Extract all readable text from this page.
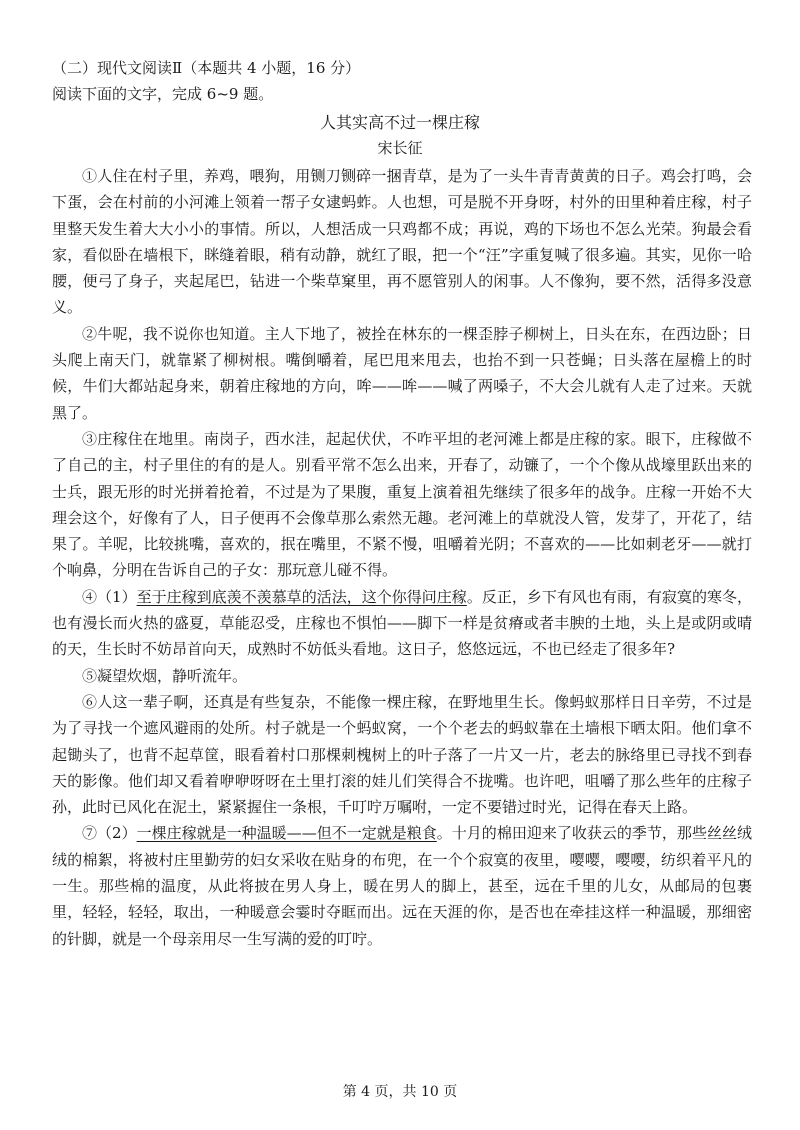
（二）现代文阅读Ⅱ（本题共 4 小题，16 分）
阅读下面的文字，完成 6~9 题。
人其实高不过一棵庄稼
宋长征

①人住在村子里，养鸡，喂狗，用铡刀铡碎一捆青草，是为了一头牛青青黄黄的日子。鸡会打鸣，会下蛋，会在村前的小河滩上领着一帮子女逮蚂蚱。人也想，可是脱不开身呀，村外的田里种着庄稼，村子里整天发生着大大小小的事情。所以，人想活成一只鸡都不成；再说，鸡的下场也不怎么光荣。狗最会看家，看似卧在墙根下，眯缝着眼，稍有动静，就红了眼，把一个“汪”字重复喊了很多遍。其实，见你一哈腰，便弓了身子，夹起尾巴，钻进一个柴草窠里，再不愿管别人的闲事。人不像狗，要不然，活得多没意义。

②牛呢，我不说你也知道。主人下地了，被拴在林东的一棵歪脖子柳树上，日头在东，在西边卧；日头爬上南天门，就靠紧了柳树根。嘴倒嚼着，尾巴甩来甩去，也抬不到一只苍蝇；日头落在屋檐上的时候，牛们大都站起身来，朝着庄稼地的方向，哞——哞——喊了两嗓子，不大会儿就有人走了过来。天就黑了。

③庄稼住在地里。南岗子，西水洼，起起伏伏，不咋平坦的老河滩上都是庄稼的家。眼下，庄稼做不了自己的主，村子里住的有的是人。别看平常不怎么出来，开春了，动镰了，一个个像从战壕里跃出来的士兵，跟无形的时光拼着抢着，不过是为了果腹，重复上演着祖先继续了很多年的战争。庄稼一开始不大理会这个，好像有了人，日子便再不会像草那么索然无趣。老河滩上的草就没人管，发芽了，开花了，结果了。羊呢，比较挑嘴，喜欢的，抿在嘴里，不紧不慢，咀嚼着光阴；不喜欢的——比如刺老牙——就打个响鼻，分明在告诉自己的子女：那玩意儿碰不得。

④（1）至于庄稼到底羡不羡慕草的活法，这个你得问庄稼。反正，乡下有风也有雨，有寂寞的寒冬，也有漫长而火热的盛夏，草能忍受，庄稼也不惧怕——脚下一样是贫瘠或者丰腴的土地，头上是或阴或晴的天，生长时不妨昂首向天，成熟时不妨低头看地。这日子，悠悠远远，不也已经走了很多年?

⑤凝望炊烟，静听流年。

⑥人这一辈子啊，还真是有些复杂，不能像一棵庄稼，在野地里生长。像蚂蚁那样日日辛劳，不过是为了寻找一个遮风避雨的处所。村子就是一个蚂蚁窝，一个个老去的蚂蚁靠在土墙根下晒太阳。他们拿不起锄头了，也背不起草筐，眼看着村口那棵刺槐树上的叶子落了一片又一片，老去的脉络里已寻找不到春天的影像。他们却又看着咿咿呀呀在土里打滚的娃儿们笑得合不拢嘴。也许吧，咀嚼了那么些年的庄稼子孙，此时已风化在泥土，紧紧握住一条根，千叮咛万嘱咐，一定不要错过时光，记得在春天上路。

⑦（2）一棵庄稼就是一种温暖——但不一定就是粮食。十月的棉田迎来了收获云的季节，那些丝丝绒绒的棉絮，将被村庄里勤劳的妇女采收在贴身的布兜，在一个个寂寞的夜里，嘤嘤，嘤嘤，纺织着平凡的一生。那些棉的温度，从此将披在男人身上，暖在男人的脚上，甚至，远在千里的儿女，从邮局的包裹里，轻轻，轻轻，取出，一种暖意会霎时夺眶而出。远在天涯的你，是否也在牵挂这样一种温暖，那细密的针脚，就是一个母亲用尽一生写满的爱的叮咛。

第 4 页，共 10 页
